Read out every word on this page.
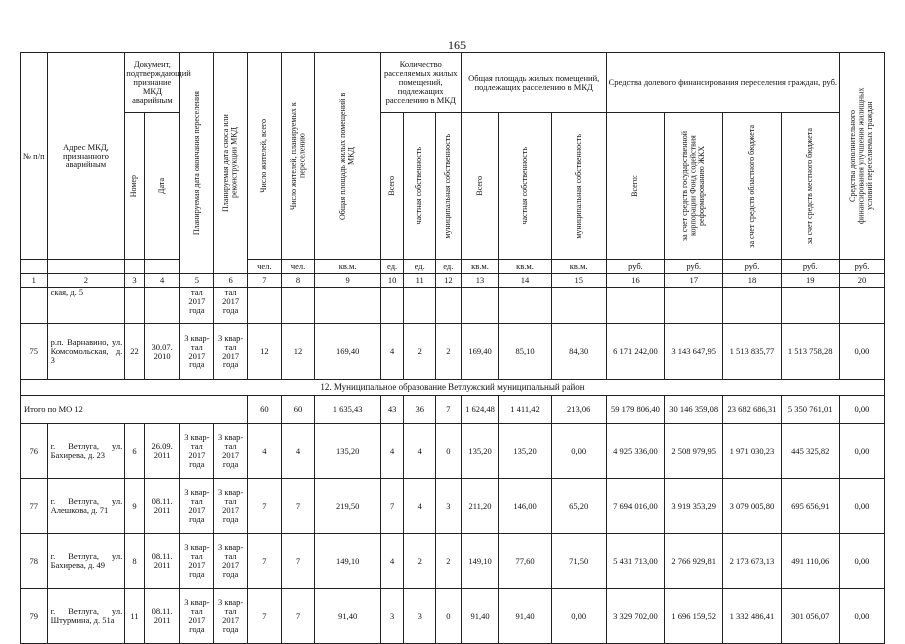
165
№ п/п	Адрес МКД, признанного аварийным	Документ, подтверждающий признание МКД аварийным		Планируемая дата окончания переселения	Планируемая дата сноса или реконструкции МКД	Число жителей, всего	Число жителей, планируемых к переселению	Общая площадь жилых помещений в МКД	Количество расселяемых жилых помещений, подлежащих расселению в МКД			Общая площадь жилых помещений, подлежащих расселению в МКД			Средства долевого финансирования переселения граждан, руб.				Средства дополнительного финансирования улучшения жилищных условий переселяемых граждан

		Номер	Дата						Всего	частная собственность	муниципальная собственность	Всего	частная собственность	муниципальная собственность	Всего:	за счет средств государственной корпорации Фонд содействия реформированию ЖКХ	за счет средств областного бюджета	за счет средств местного бюджета	

						чел.	чел.	кв.м.	ед.	ед.	ед.	кв.м.	кв.м.	кв.м.	руб.	руб.	руб.	руб.	руб.
1	2	3	4	5	6	7	8	9	10	11	12	13	14	15	16	17	18	19	20
	ская, д. 5			тал 2017 года	тал 2017 года														
75	р.п. Варнавино, ул. Комсомольская, д. 3	22	30.07. 2010	3 квар- тал 2017 года	3 квар- тал 2017 года	12	12	169,40	4	2	2	169,40	85,10	84,30	6 171 242,00	3 143 647,95	1 513 835,77	1 513 758,28	0,00
12. Муниципальное образование Ветлужский муниципальный район																			
Итого по МО 12						60	60	1 635,43	43	36	7	1 624,48	1 411,42	213,06	59 179 806,40	30 146 359,08	23 682 686,31	5 350 761,01	0,00
76	г. Ветлуга, ул. Бахирева, д. 23	6	26.09. 2011	3 квар- тал 2017 года	3 квар- тал 2017 года	4	4	135,20	4	4	0	135,20	135,20	0,00	4 925 336,00	2 508 979,95	1 971 030,23	445 325,82	0,00
77	г. Ветлуга, ул. Алешкова, д. 71	9	08.11. 2011	3 квар- тал 2017 года	3 квар- тал 2017 года	7	7	219,50	7	4	3	211,20	146,00	65,20	7 694 016,00	3 919 353,29	3 079 005,80	695 656,91	0,00
78	г. Ветлуга, ул. Бахирева, д. 49	8	08.11. 2011	3 квар- тал 2017 года	3 квар- тал 2017 года	7	7	149,10	4	2	2	149,10	77,60	71,50	5 431 713,00	2 766 929,81	2 173 673,13	491 110,06	0,00
79	г. Ветлуга, ул. Штурмина, д. 51а	11	08.11. 2011	3 квар- тал 2017 года	3 квар- тал 2017 года	7	7	91,40	3	3	0	91,40	91,40	0,00	3 329 702,00	1 696 159,52	1 332 486,41	301 056,07	0,00
